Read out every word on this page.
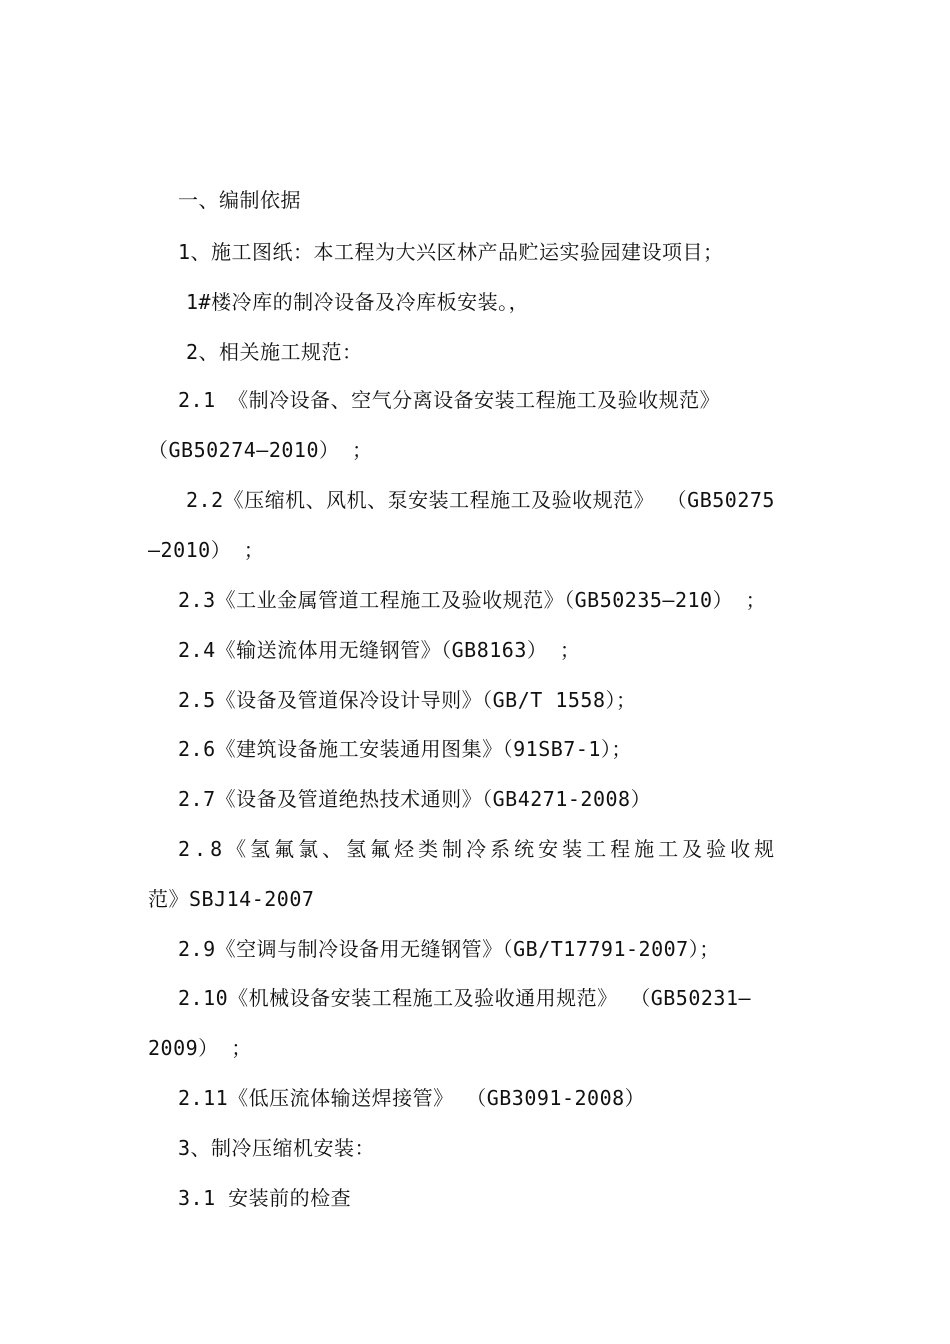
一、编制依据
1、施工图纸：本工程为大兴区林产品贮运实验园建设项目；
1#楼冷库的制冷设备及冷库板安装。，
2、相关施工规范：
2.1 《制冷设备、空气分离设备安装工程施工及验收规范》
（GB50274—2010） ；
2.2《压缩机、风机、泵安装工程施工及验收规范》 （GB50275
—2010） ；
2.3《工业金属管道工程施工及验收规范》（GB50235—210） ；
2.4《输送流体用无缝钢管》（GB8163） ；
2.5《设备及管道保冷设计导则》（GB/T 1558）；
2.6《建筑设备施工安装通用图集》（91SB7-1）；
2.7《设备及管道绝热技术通则》（GB4271-2008）
2.8《氢氟氯、氢氟烃类制冷系统安装工程施工及验收规
范》SBJ14-2007
2.9《空调与制冷设备用无缝钢管》（GB/T17791-2007）；
2.10《机械设备安装工程施工及验收通用规范》 （GB50231—
2009） ；
2.11《低压流体输送焊接管》 （GB3091-2008）
3、制冷压缩机安装：
3.1 安装前的检查
